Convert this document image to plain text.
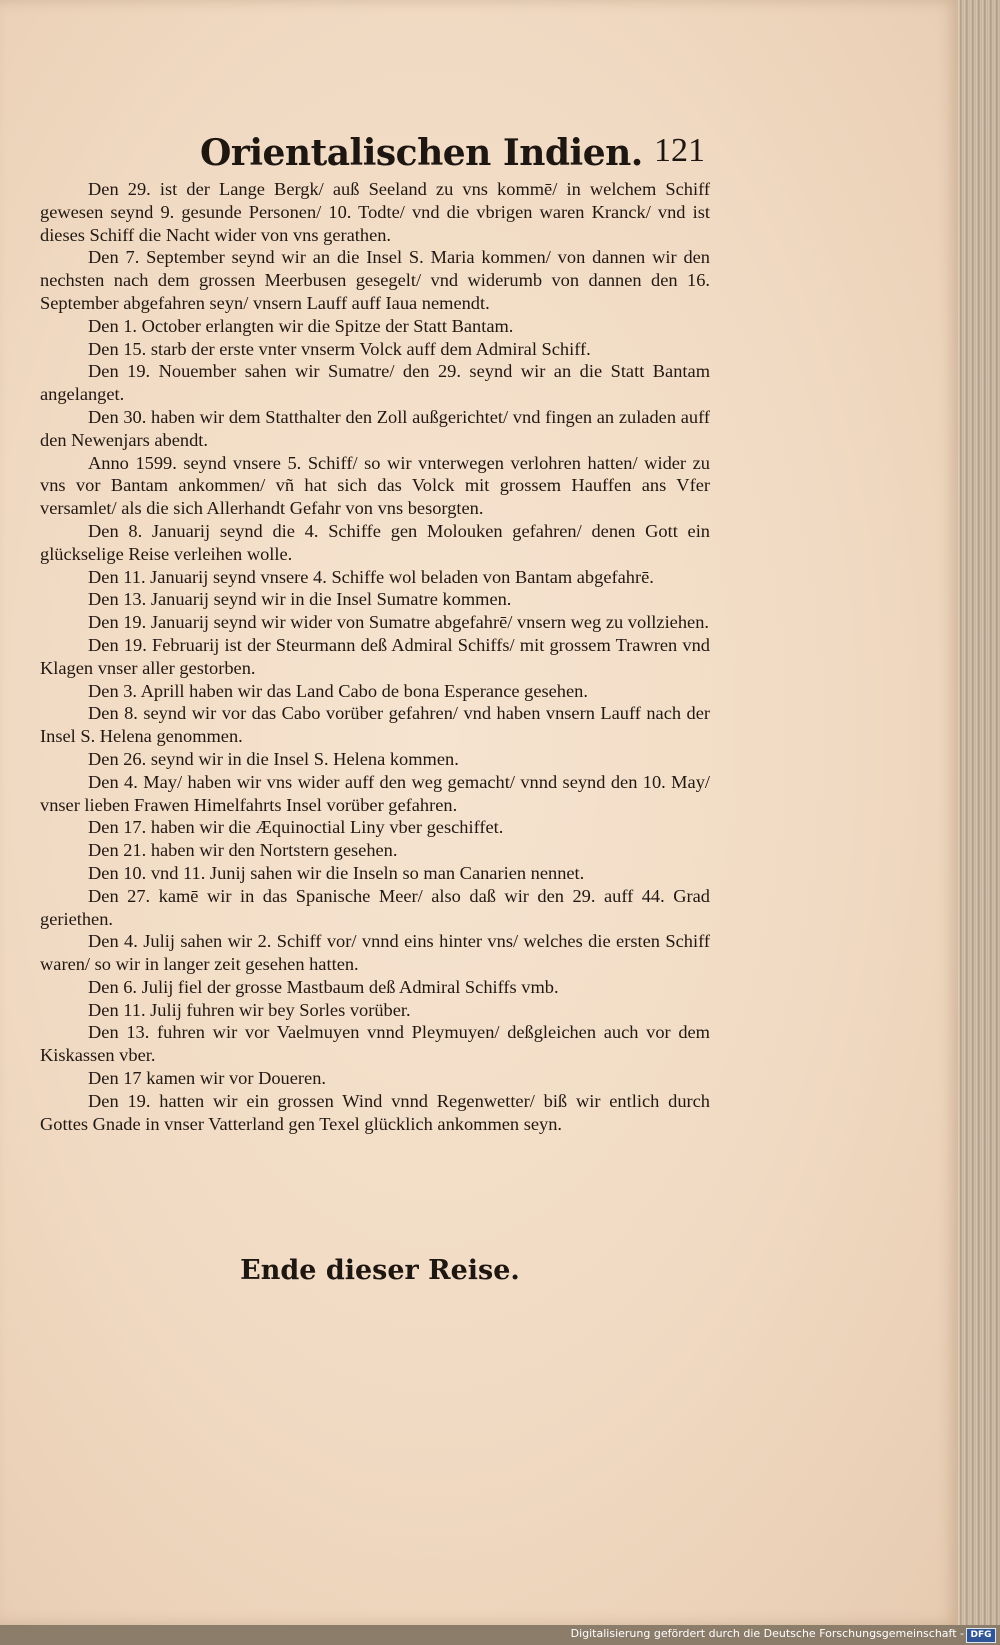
Orientalischen Indien. 121

Den 29. ist der Lange Bergk/ auß Seeland zu vns kommē/ in welchem Schiff gewesen seynd 9. gesunde Personen/ 10. Todte/ vnd die vbrigen waren Kranck/ vnd ist dieses Schiff die Nacht wider von vns gerathen.

Den 7. September seynd wir an die Insel S. Maria kommen/ von dannen wir den nechsten nach dem grossen Meerbusen gesegelt/ vnd widerumb von dannen den 16. September abgefahren seyn/ vnsern Lauff auff Iaua nemendt.

Den 1. October erlangten wir die Spitze der Statt Bantam.

Den 15. starb der erste vnter vnserm Volck auff dem Admiral Schiff.

Den 19. Nouember sahen wir Sumatre/ den 29. seynd wir an die Statt Bantam angelanget.

Den 30. haben wir dem Statthalter den Zoll außgerichtet/ vnd fingen an zuladen auff den Newenjars abendt.

Anno 1599. seynd vnsere 5. Schiff/ so wir vnterwegen verlohren hatten/ wider zu vns vor Bantam ankommen/ vñ hat sich das Volck mit grossem Hauffen ans Vfer versamlet/ als die sich Allerhandt Gefahr von vns besorgten.

Den 8. Januarij seynd die 4. Schiffe gen Molouken gefahren/ denen Gott ein glückselige Reise verleihen wolle.

Den 11. Januarij seynd vnsere 4. Schiffe wol beladen von Bantam abgefahrē.

Den 13. Januarij seynd wir in die Insel Sumatre kommen.

Den 19. Januarij seynd wir wider von Sumatre abgefahrē/ vnsern weg zu vollziehen.

Den 19. Februarij ist der Steurmann deß Admiral Schiffs/ mit grossem Trawren vnd Klagen vnser aller gestorben.

Den 3. Aprill haben wir das Land Cabo de bona Esperance gesehen.

Den 8. seynd wir vor das Cabo vorüber gefahren/ vnd haben vnsern Lauff nach der Insel S. Helena genommen.

Den 26. seynd wir in die Insel S. Helena kommen.

Den 4. May/ haben wir vns wider auff den weg gemacht/ vnnd seynd den 10. May/ vnser lieben Frawen Himelfahrts Insel vorüber gefahren.

Den 17. haben wir die Æquinoctial Liny vber geschiffet.

Den 21. haben wir den Nortstern gesehen.

Den 10. vnd 11. Junij sahen wir die Inseln so man Canarien nennet.

Den 27. kamē wir in das Spanische Meer/ also daß wir den 29. auff 44. Grad geriethen.

Den 4. Julij sahen wir 2. Schiff vor/ vnnd eins hinter vns/ welches die ersten Schiff waren/ so wir in langer zeit gesehen hatten.

Den 6. Julij fiel der grosse Mastbaum deß Admiral Schiffs vmb.

Den 11. Julij fuhren wir bey Sorles vorüber.

Den 13. fuhren wir vor Vaelmuyen vnnd Pleymuyen/ deßgleichen auch vor dem Kiskassen vber.

Den 17 kamen wir vor Doueren.

Den 19. hatten wir ein grossen Wind vnnd Regenwetter/ biß wir entlich durch Gottes Gnade in vnser Vatterland gen Texel glücklich ankommen seyn.

Ende dieser Reise.
Digitalisierung gefördert durch die Deutsche Forschungsgemeinschaft - DFG
